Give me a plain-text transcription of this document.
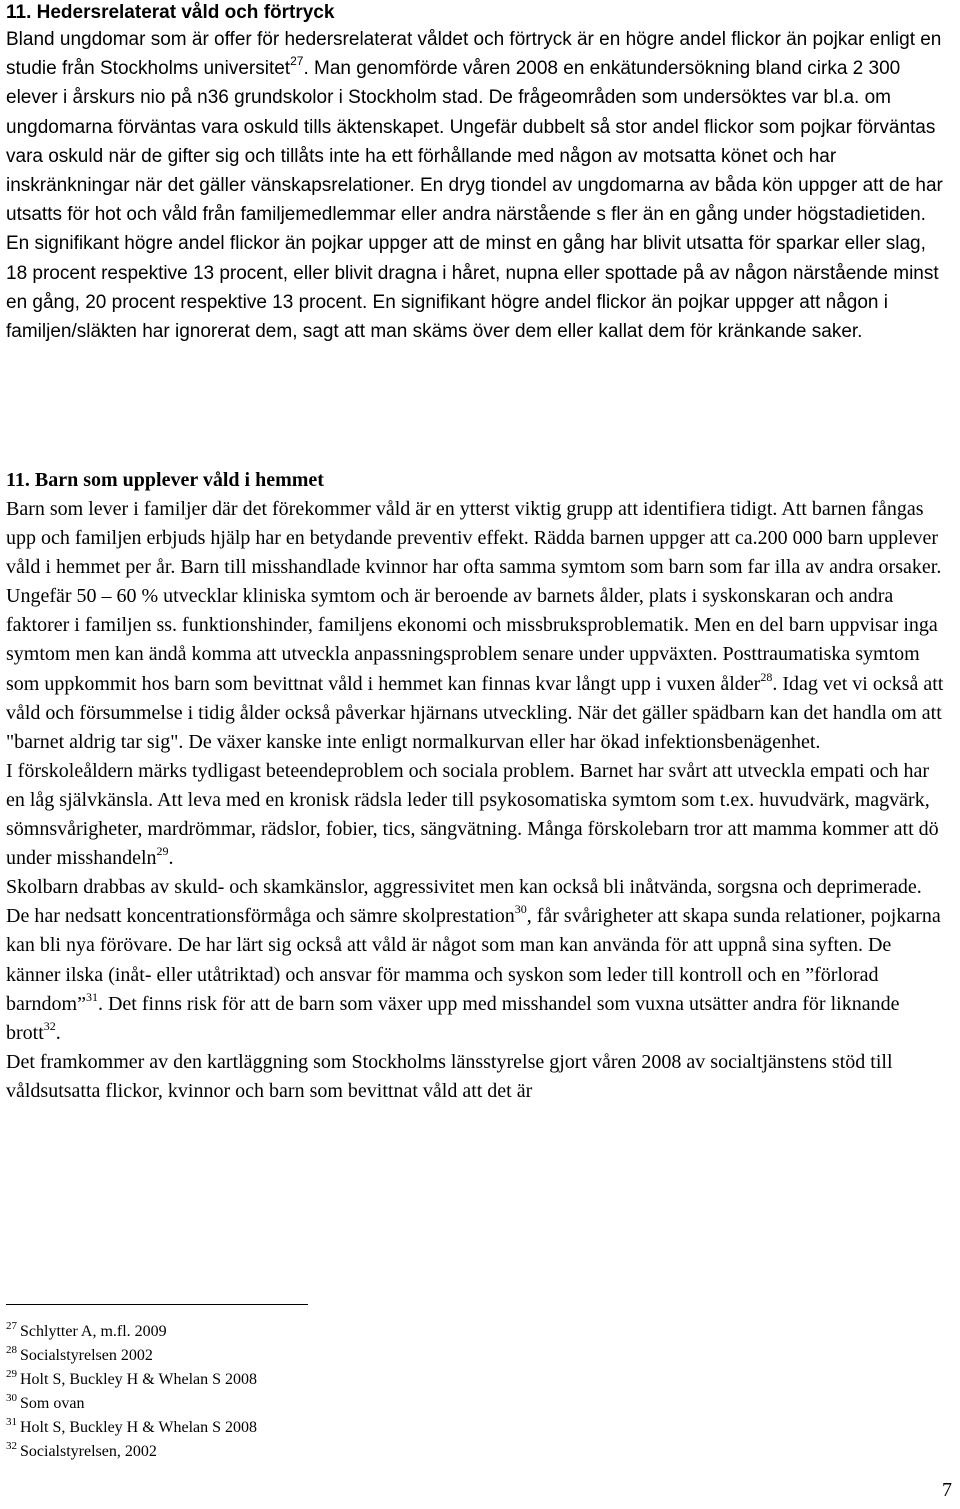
11. Hedersrelaterat våld och förtryck

Bland ungdomar som är offer för hedersrelaterat våldet och förtryck är en högre andel flickor än pojkar enligt en studie från Stockholms universitet$^{27}$. Man genomförde våren 2008 en enkätundersökning bland cirka 2 300 elever i årskurs nio på n36 grundskolor i Stockholm stad. De frågeområden som undersöktes var bl.a. om ungdomarna förväntas vara oskuld tills äktenskapet. Ungefär dubbelt så stor andel flickor som pojkar förväntas vara oskuld när de gifter sig och tillåts inte ha ett förhållande med någon av motsatta könet och har inskränkningar när det gäller vänskapsrelationer. En dryg tiondel av ungdomarna av båda kön uppger att de har utsatts för hot och våld från familjemedlemmar eller andra närstående s fler än en gång under högstadietiden. En signifikant högre andel flickor än pojkar uppger att de minst en gång har blivit utsatta för sparkar eller slag, 18 procent respektive 13 procent, eller blivit dragna i håret, nupna eller spottade på av någon närstående minst en gång, 20 procent respektive 13 procent. En signifikant högre andel flickor än pojkar uppger att någon i familjen/släkten har ignorerat dem, sagt att man skäms över dem eller kallat dem för kränkande saker.

11. Barn som upplever våld i hemmet

Barn som lever i familjer där det förekommer våld är en ytterst viktig grupp att identifiera tidigt. Att barnen fångas upp och familjen erbjuds hjälp har en betydande preventiv effekt. Rädda barnen uppger att ca.200 000 barn upplever våld i hemmet per år. Barn till misshandlade kvinnor har ofta samma symtom som barn som far illa av andra orsaker. Ungefär 50 – 60 % utvecklar kliniska symtom och är beroende av barnets ålder, plats i syskonskaran och andra faktorer i familjen ss. funktionshinder, familjens ekonomi och missbruksproblematik. Men en del barn uppvisar inga symtom men kan ändå komma att utveckla anpassningsproblem senare under uppväxten. Posttraumatiska symtom som uppkommit hos barn som bevittnat våld i hemmet kan finnas kvar långt upp i vuxen ålder$^{28}$. Idag vet vi också att våld och försummelse i tidig ålder också påverkar hjärnans utveckling. När det gäller spädbarn kan det handla om att "barnet aldrig tar sig". De växer kanske inte enligt normalkurvan eller har ökad infektionsbenägenhet.

I förskoleåldern märks tydligast beteendeproblem och sociala problem. Barnet har svårt att utveckla empati och har en låg självkänsla. Att leva med en kronisk rädsla leder till psykosomatiska symtom som t.ex. huvudvärk, magvärk, sömnsvårigheter, mardrömmar, rädslor, fobier, tics, sängvätning. Många förskolebarn tror att mamma kommer att dö under misshandeln$^{29}$.

Skolbarn drabbas av skuld- och skamkänslor, aggressivitet men kan också bli inåtvända, sorgsna och deprimerade. De har nedsatt koncentrationsförmåga och sämre skolprestation$^{30}$, får svårigheter att skapa sunda relationer, pojkarna kan bli nya förövare. De har lärt sig också att våld är något som man kan använda för att uppnå sina syften. De känner ilska (inåt- eller utåtriktad) och ansvar för mamma och syskon som leder till kontroll och en ”förlorad barndom”$^{31}$. Det finns risk för att de barn som växer upp med misshandel som vuxna utsätter andra för liknande brott$^{32}$.

Det framkommer av den kartläggning som Stockholms länsstyrelse gjort våren 2008 av socialtjänstens stöd till våldsutsatta flickor, kvinnor och barn som bevittnat våld att det är

$^{27}$ Schlytter A, m.fl. 2009
$^{28}$ Socialstyrelsen 2002
$^{29}$ Holt S, Buckley H & Whelan S 2008
$^{30}$ Som ovan
$^{31}$ Holt S, Buckley H & Whelan S 2008
$^{32}$ Socialstyrelsen, 2002
7
